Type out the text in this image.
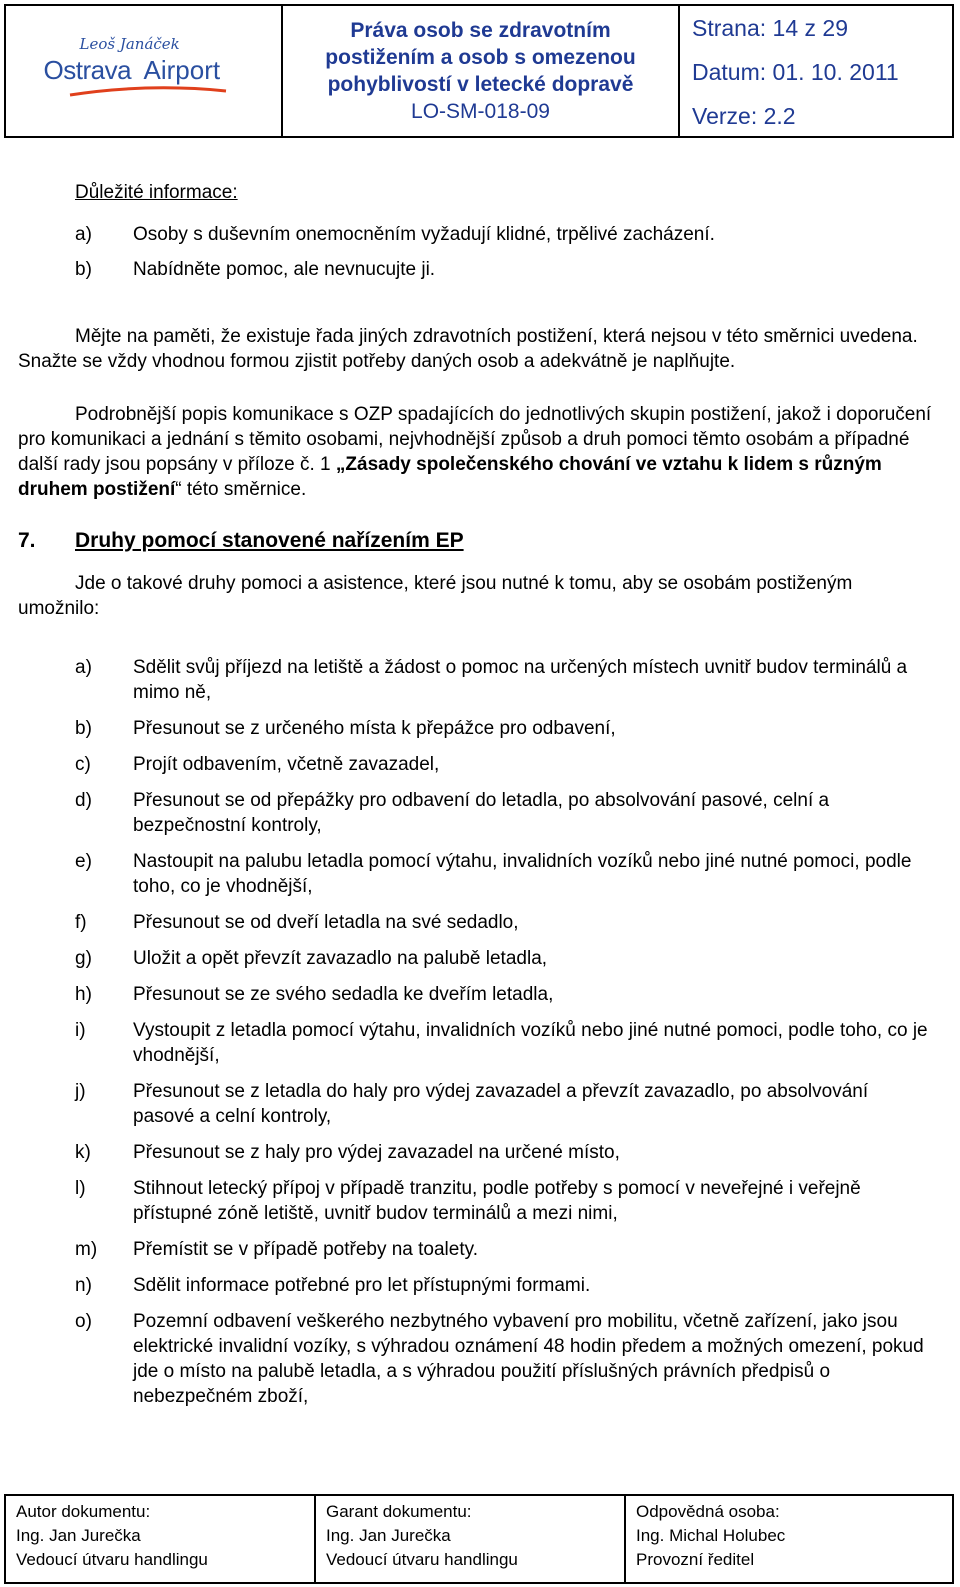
Leoš Janáček
Ostrava Airport
Práva osob se zdravotním
postižením a osob s omezenou
pohyblivostí v letecké dopravě
LO-SM-018-09
Strana: 14 z 29
Datum: 01. 10. 2011
Verze: 2.2

Důležité informace:

a) Osoby s duševním onemocněním vyžadují klidné, trpělivé zacházení.
b) Nabídněte pomoc, ale nevnucujte ji.

Mějte na paměti, že existuje řada jiných zdravotních postižení, která nejsou v této směrnici uvedena. Snažte se vždy vhodnou formou zjistit potřeby daných osob a adekvátně je naplňujte.

Podrobnější popis komunikace s OZP spadajících do jednotlivých skupin postižení, jakož i doporučení pro komunikaci a jednání s těmito osobami, nejvhodnější způsob a druh pomoci těmto osobám a případné další rady jsou popsány v příloze č. 1 „Zásady společenského chování ve vztahu k lidem s různým druhem postižení“ této směrnice.

7.	Druhy pomocí stanovené nařízením EP

Jde o takové druhy pomoci a asistence, které jsou nutné k tomu, aby se osobám postiženým umožnilo:

a) Sdělit svůj příjezd na letiště a žádost o pomoc na určených místech uvnitř budov terminálů a mimo ně,
b) Přesunout se z určeného místa k přepážce pro odbavení,
c) Projít odbavením, včetně zavazadel,
d) Přesunout se od přepážky pro odbavení do letadla, po absolvování pasové, celní a bezpečnostní kontroly,
e) Nastoupit na palubu letadla pomocí výtahu, invalidních vozíků nebo jiné nutné pomoci, podle toho, co je vhodnější,
f) Přesunout se od dveří letadla na své sedadlo,
g) Uložit a opět převzít zavazadlo na palubě letadla,
h) Přesunout se ze svého sedadla ke dveřím letadla,
i) Vystoupit z letadla pomocí výtahu, invalidních vozíků nebo jiné nutné pomoci, podle toho, co je vhodnější,
j) Přesunout se z letadla do haly pro výdej zavazadel a převzít zavazadlo, po absolvování pasové a celní kontroly,
k) Přesunout se z haly pro výdej zavazadel na určené místo,
l) Stihnout letecký přípoj v případě tranzitu, podle potřeby s pomocí v neveřejné i veřejně přístupné zóně letiště, uvnitř budov terminálů a mezi nimi,
m) Přemístit se v případě potřeby na toalety.
n) Sdělit informace potřebné pro let přístupnými formami.
o) Pozemní odbavení veškerého nezbytného vybavení pro mobilitu, včetně zařízení, jako jsou elektrické invalidní vozíky, s výhradou oznámení 48 hodin předem a možných omezení, pokud jde o místo na palubě letadla, a s výhradou použití příslušných právních předpisů o nebezpečném zboží,
Autor dokumentu:
Ing. Jan Jurečka
Vedoucí útvaru handlingu
Garant dokumentu:
Ing. Jan Jurečka
Vedoucí útvaru handlingu
Odpovědná osoba:
Ing. Michal Holubec
Provozní ředitel
